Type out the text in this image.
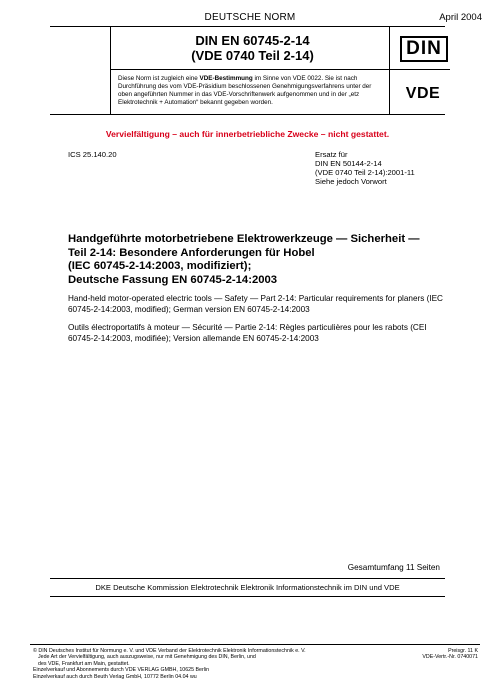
DEUTSCHE NORM	April 2004
DIN EN 60745-2-14
(VDE 0740 Teil 2-14)	DIN
Diese Norm ist zugleich eine VDE-Bestimmung im Sinne von VDE 0022. Sie ist nach Durchführung des vom VDE-Präsidium beschlossenen Genehmigungsverfahrens unter der oben angeführten Nummer in das VDE-Vorschriftenwerk aufgenommen und in der „etz Elektrotechnik + Automation“ bekannt gegeben worden.
VDE
Vervielfältigung – auch für innerbetriebliche Zwecke – nicht gestattet.
ICS 25.140.20	Ersatz für
DIN EN 50144-2-14
(VDE 0740 Teil 2-14):2001-11
Siehe jedoch Vorwort
Handgeführte motorbetriebene Elektrowerkzeuge — Sicherheit —
Teil 2-14: Besondere Anforderungen für Hobel
(IEC 60745-2-14:2003, modifiziert);
Deutsche Fassung EN 60745-2-14:2003
Hand-held motor-operated electric tools — Safety — Part 2-14: Particular requirements for planers (IEC 60745-2-14:2003, modified); German version EN 60745-2-14:2003
Outils électroportatifs à moteur — Sécurité — Partie 2-14: Règles particulières pour les rabots (CEI 60745-2-14:2003, modifiée); Version allemande EN 60745-2-14:2003
Gesamtumfang 11 Seiten
DKE Deutsche Kommission Elektrotechnik Elektronik Informationstechnik im DIN und VDE
© DIN Deutsches Institut für Normung e. V. und VDE Verband der Elektrotechnik Elektronik Informationstechnik e. V.
Jede Art der Vervielfältigung, auch auszugsweise, nur mit Genehmigung des DIN, Berlin, und
des VDE, Frankfurt am Main, gestattet.
Einzelverkauf und Abonnements durch VDE VERLAG GMBH, 10625 Berlin
Einzelverkauf auch durch Beuth Verlag GmbH, 10772 Berlin 04.04 wu
Preisgr. 11 K
VDE-Vertr.-Nr. 0740071
